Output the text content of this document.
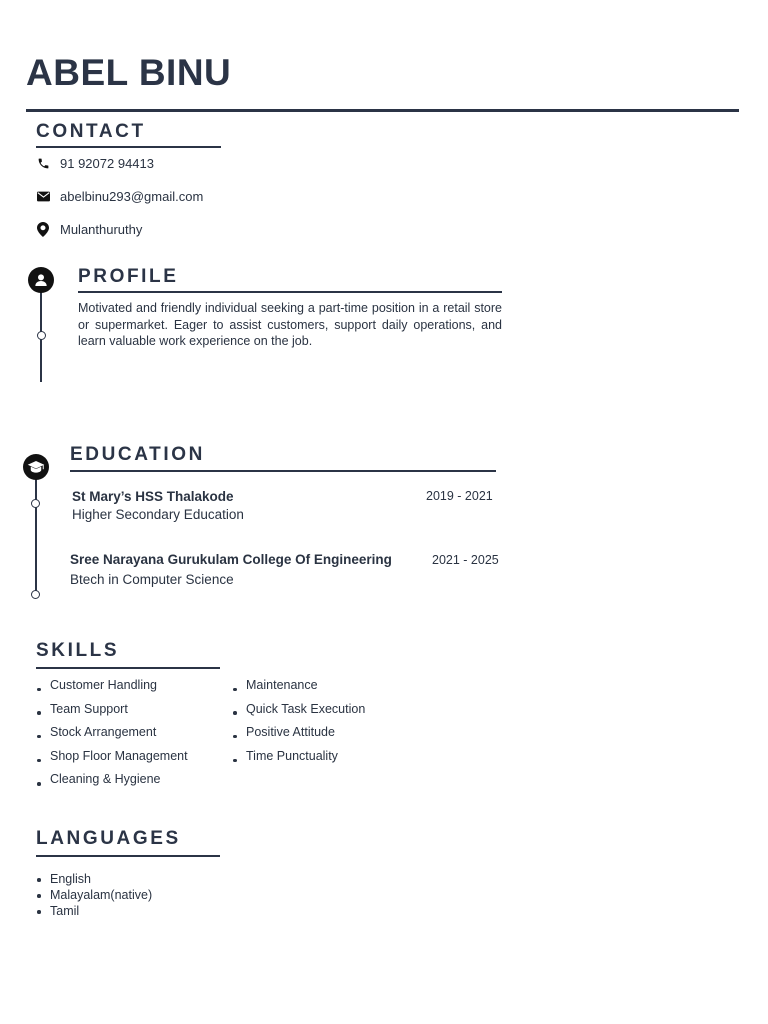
ABEL BINU
CONTACT
91 92072 94413
abelbinu293@gmail.com
Mulanthuruthy
PROFILE
Motivated and friendly individual seeking a part-time position in a retail store or supermarket. Eager to assist customers, support daily operations, and learn valuable work experience on the job.
EDUCATION
St Mary’s HSS Thalakode	2019 - 2021
Higher Secondary Education
Sree Narayana Gurukulam College Of Engineering	2021 - 2025
Btech in Computer Science
SKILLS
Customer Handling
Team Support
Stock Arrangement
Shop Floor Management
Cleaning & Hygiene
Maintenance
Quick Task Execution
Positive Attitude
Time Punctuality
LANGUAGES
English
Malayalam(native)
Tamil
